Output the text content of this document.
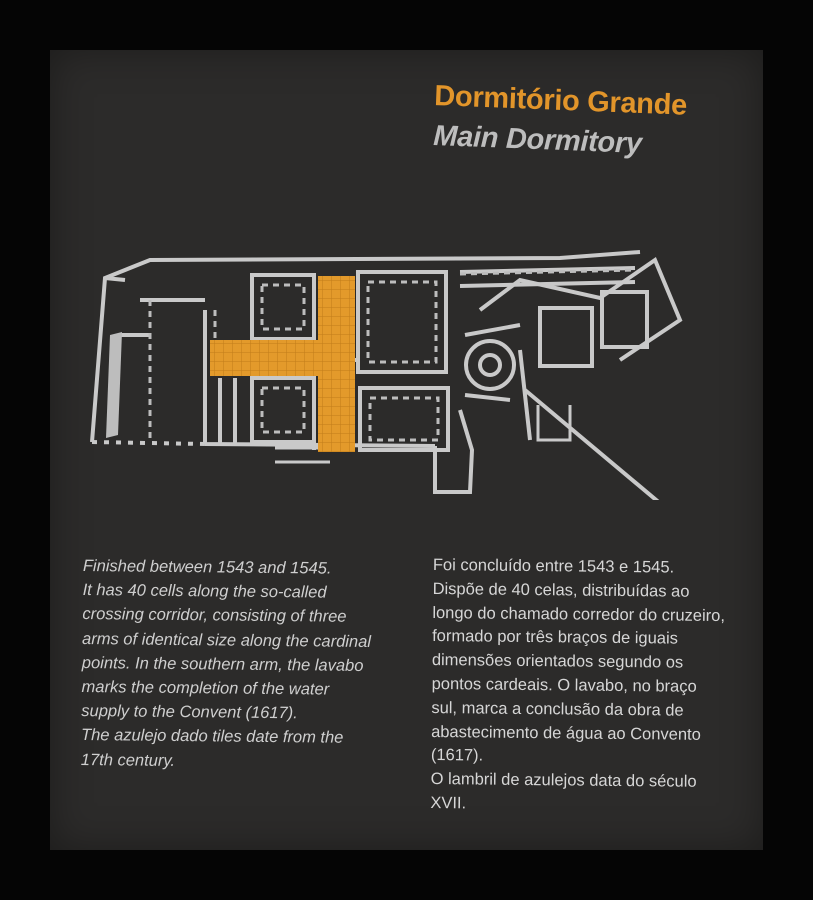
Dormitório Grande
Main Dormitory
Finished between 1543 and 1545.
It has 40 cells along the so-called
crossing corridor, consisting of three
arms of identical size along the cardinal
points. In the southern arm, the lavabo
marks the completion of the water
supply to the Convent (1617).
The azulejo dado tiles date from the
17th century.
Foi concluído entre 1543 e 1545.
Dispõe de 40 celas, distribuídas ao
longo do chamado corredor do cruzeiro,
formado por três braços de iguais
dimensões orientados segundo os
pontos cardeais. O lavabo, no braço
sul, marca a conclusão da obra de
abastecimento de água ao Convento
(1617).
O lambril de azulejos data do século
XVII.
